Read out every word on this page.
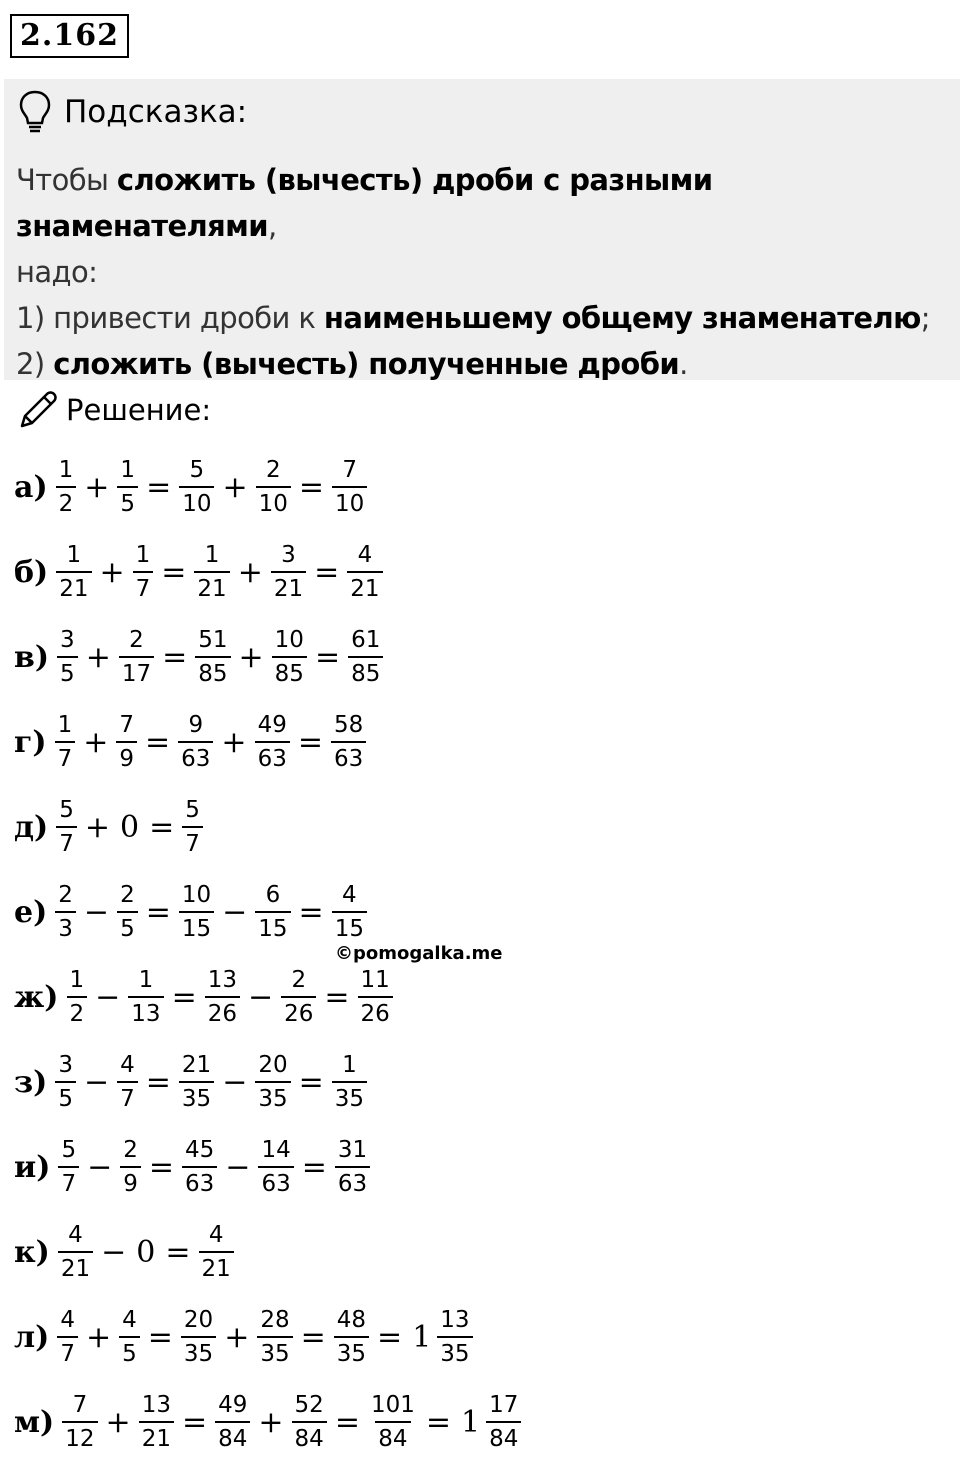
2.162
Подсказка:
Чтобы сложить (вычесть) дроби с разными знаменателями,
надо:
1) привести дроби к наименьшему общему знаменателю;
2) сложить (вычесть) полученные дроби.
Решение:
$а) \frac{1}{2} + \frac{1}{5} = \frac{5}{10} + \frac{2}{10} = \frac{7}{10}$
$б) \frac{1}{21} + \frac{1}{7} = \frac{1}{21} + \frac{3}{21} = \frac{4}{21}$
$в) \frac{3}{5} + \frac{2}{17} = \frac{51}{85} + \frac{10}{85} = \frac{61}{85}$
$г) \frac{1}{7} + \frac{7}{9} = \frac{9}{63} + \frac{49}{63} = \frac{58}{63}$
$д) \frac{5}{7} + 0 = \frac{5}{7}$
$е) \frac{2}{3} - \frac{2}{5} = \frac{10}{15} - \frac{6}{15} = \frac{4}{15}$
$ж) \frac{1}{2} - \frac{1}{13} = \frac{13}{26} - \frac{2}{26} = \frac{11}{26}$
$з) \frac{3}{5} - \frac{4}{7} = \frac{21}{35} - \frac{20}{35} = \frac{1}{35}$
$и) \frac{5}{7} - \frac{2}{9} = \frac{45}{63} - \frac{14}{63} = \frac{31}{63}$
$к) \frac{4}{21} - 0 = \frac{4}{21}$
$л) \frac{4}{7} + \frac{4}{5} = \frac{20}{35} + \frac{28}{35} = \frac{48}{35} = 1 \frac{13}{35}$
$м) \frac{7}{12} + \frac{13}{21} = \frac{49}{84} + \frac{52}{84} = \frac{101}{84} = 1 \frac{17}{84}$
©pomogalka.me
